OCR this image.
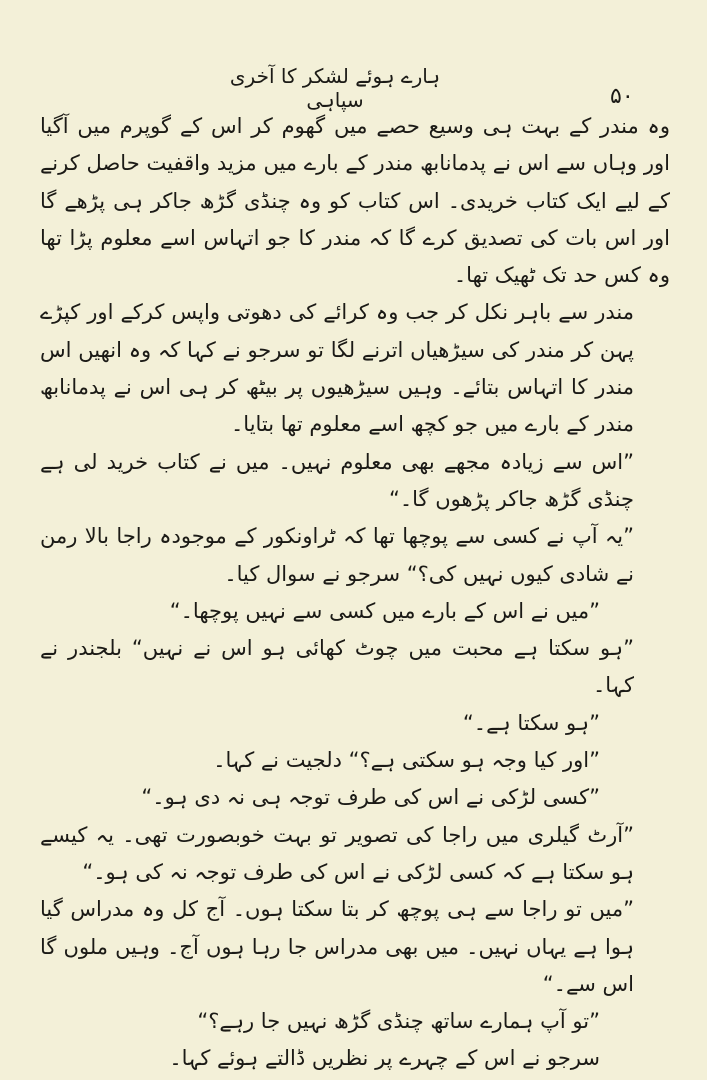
ہارے ہوئے لشکر کا آخری سپاہی	۵۰

وہ مندر کے بہت ہی وسیع حصے میں گھوم کر اس کے گوپرم میں آگیا اور وہاں سے اس نے پدمانابھ مندر کے بارے میں مزید واقفیت حاصل کرنے کے لیے ایک کتاب خریدی۔ اس کتاب کو وہ چنڈی گڑھ جاکر ہی پڑھے گا اور اس بات کی تصدیق کرے گا کہ مندر کا جو اتہاس اسے معلوم پڑا تھا وہ کس حد تک ٹھیک تھا۔

مندر سے باہر نکل کر جب وہ کرائے کی دھوتی واپس کرکے اور کپڑے پہن کر مندر کی سیڑھیاں اترنے لگا تو سرجو نے کہا کہ وہ انھیں اس مندر کا اتہاس بتائے۔ وہیں سیڑھیوں پر بیٹھ کر ہی اس نے پدمانابھ مندر کے بارے میں جو کچھ اسے معلوم تھا بتایا۔

”اس سے زیادہ مجھے بھی معلوم نہیں۔ میں نے کتاب خرید لی ہے چنڈی گڑھ جاکر پڑھوں گا۔“

”یہ آپ نے کسی سے پوچھا تھا کہ ٹراونکور کے موجودہ راجا بالا رمن نے شادی کیوں نہیں کی؟“ سرجو نے سوال کیا۔

”میں نے اس کے بارے میں کسی سے نہیں پوچھا۔“

”ہو سکتا ہے محبت میں چوٹ کھائی ہو اس نے نہیں“ بلجندر نے کہا۔

”ہو سکتا ہے۔“

”اور کیا وجہ ہو سکتی ہے؟“ دلجیت نے کہا۔

”کسی لڑکی نے اس کی طرف توجہ ہی نہ دی ہو۔“

”آرٹ گیلری میں راجا کی تصویر تو بہت خوبصورت تھی۔ یہ کیسے ہو سکتا ہے کہ کسی لڑکی نے اس کی طرف توجہ نہ کی ہو۔“

”میں تو راجا سے ہی پوچھ کر بتا سکتا ہوں۔ آج کل وہ مدراس گیا ہوا ہے یہاں نہیں۔ میں بھی مدراس جا رہا ہوں آج۔ وہیں ملوں گا اس سے۔“

”تو آپ ہمارے ساتھ چنڈی گڑھ نہیں جا رہے؟“

سرجو نے اس کے چہرے پر نظریں ڈالتے ہوئے کہا۔
